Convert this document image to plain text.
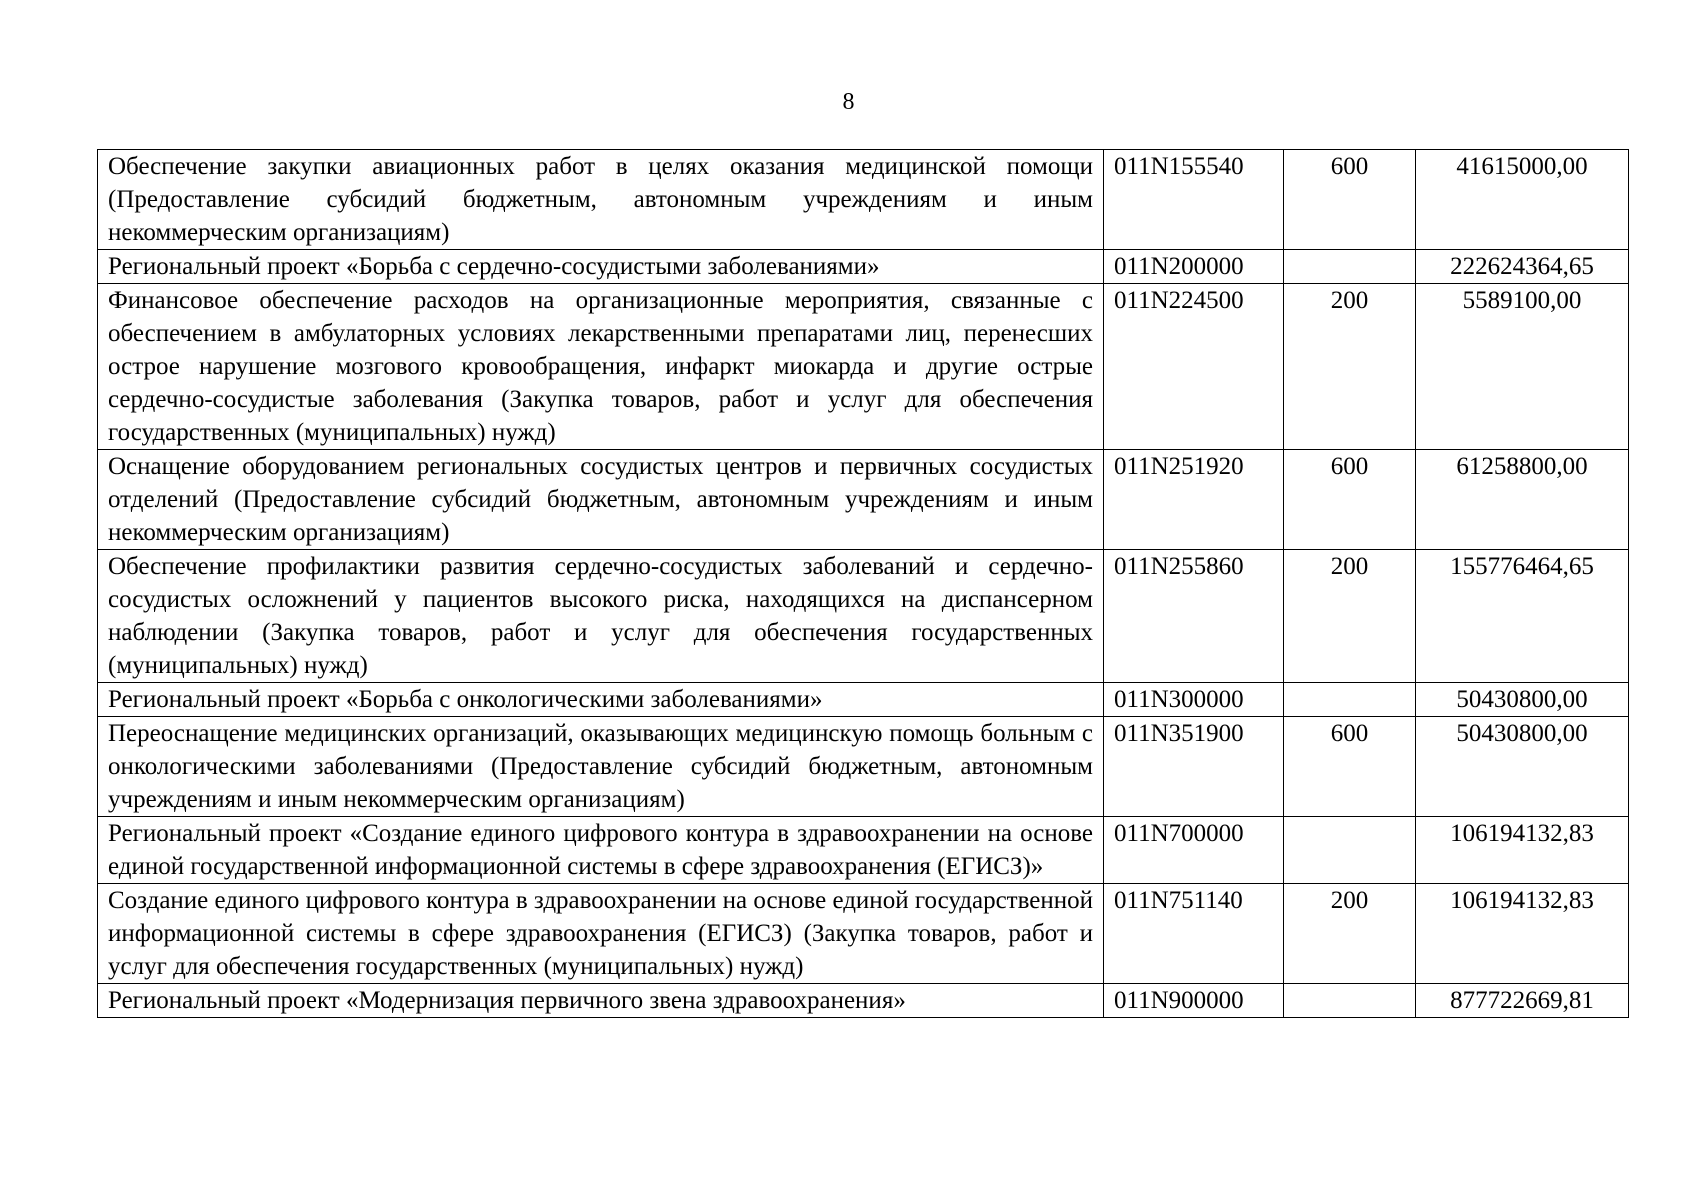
8
Обеспечение закупки авиационных работ в целях оказания медицинской помощи (Предоставление субсидий бюджетным, автономным учреждениям и иным некоммерческим организациям)	011N155540	600	41615000,00
Региональный проект «Борьба с сердечно-сосудистыми заболеваниями»	011N200000		222624364,65
Финансовое обеспечение расходов на организационные мероприятия, связанные с обеспечением в амбулаторных условиях лекарственными препаратами лиц, перенесших острое нарушение мозгового кровообращения, инфаркт миокарда и другие острые сердечно-сосудистые заболевания (Закупка товаров, работ и услуг для обеспечения государственных (муниципальных) нужд)	011N224500	200	5589100,00
Оснащение оборудованием региональных сосудистых центров и первичных сосудистых отделений (Предоставление субсидий бюджетным, автономным учреждениям и иным некоммерческим организациям)	011N251920	600	61258800,00
Обеспечение профилактики развития сердечно-сосудистых заболеваний и сердечно-сосудистых осложнений у пациентов высокого риска, находящихся на диспансерном наблюдении (Закупка товаров, работ и услуг для обеспечения государственных (муниципальных) нужд)	011N255860	200	155776464,65
Региональный проект «Борьба с онкологическими заболеваниями»	011N300000		50430800,00
Переоснащение медицинских организаций, оказывающих медицинскую помощь больным с онкологическими заболеваниями (Предоставление субсидий бюджетным, автономным учреждениям и иным некоммерческим организациям)	011N351900	600	50430800,00
Региональный проект «Создание единого цифрового контура в здравоохранении на основе единой государственной информационной системы в сфере здравоохранения (ЕГИСЗ)»	011N700000		106194132,83
Создание единого цифрового контура в здравоохранении на основе единой государственной информационной системы в сфере здравоохранения (ЕГИСЗ) (Закупка товаров, работ и услуг для обеспечения государственных (муниципальных) нужд)	011N751140	200	106194132,83
Региональный проект «Модернизация первичного звена здравоохранения»	011N900000		877722669,81
